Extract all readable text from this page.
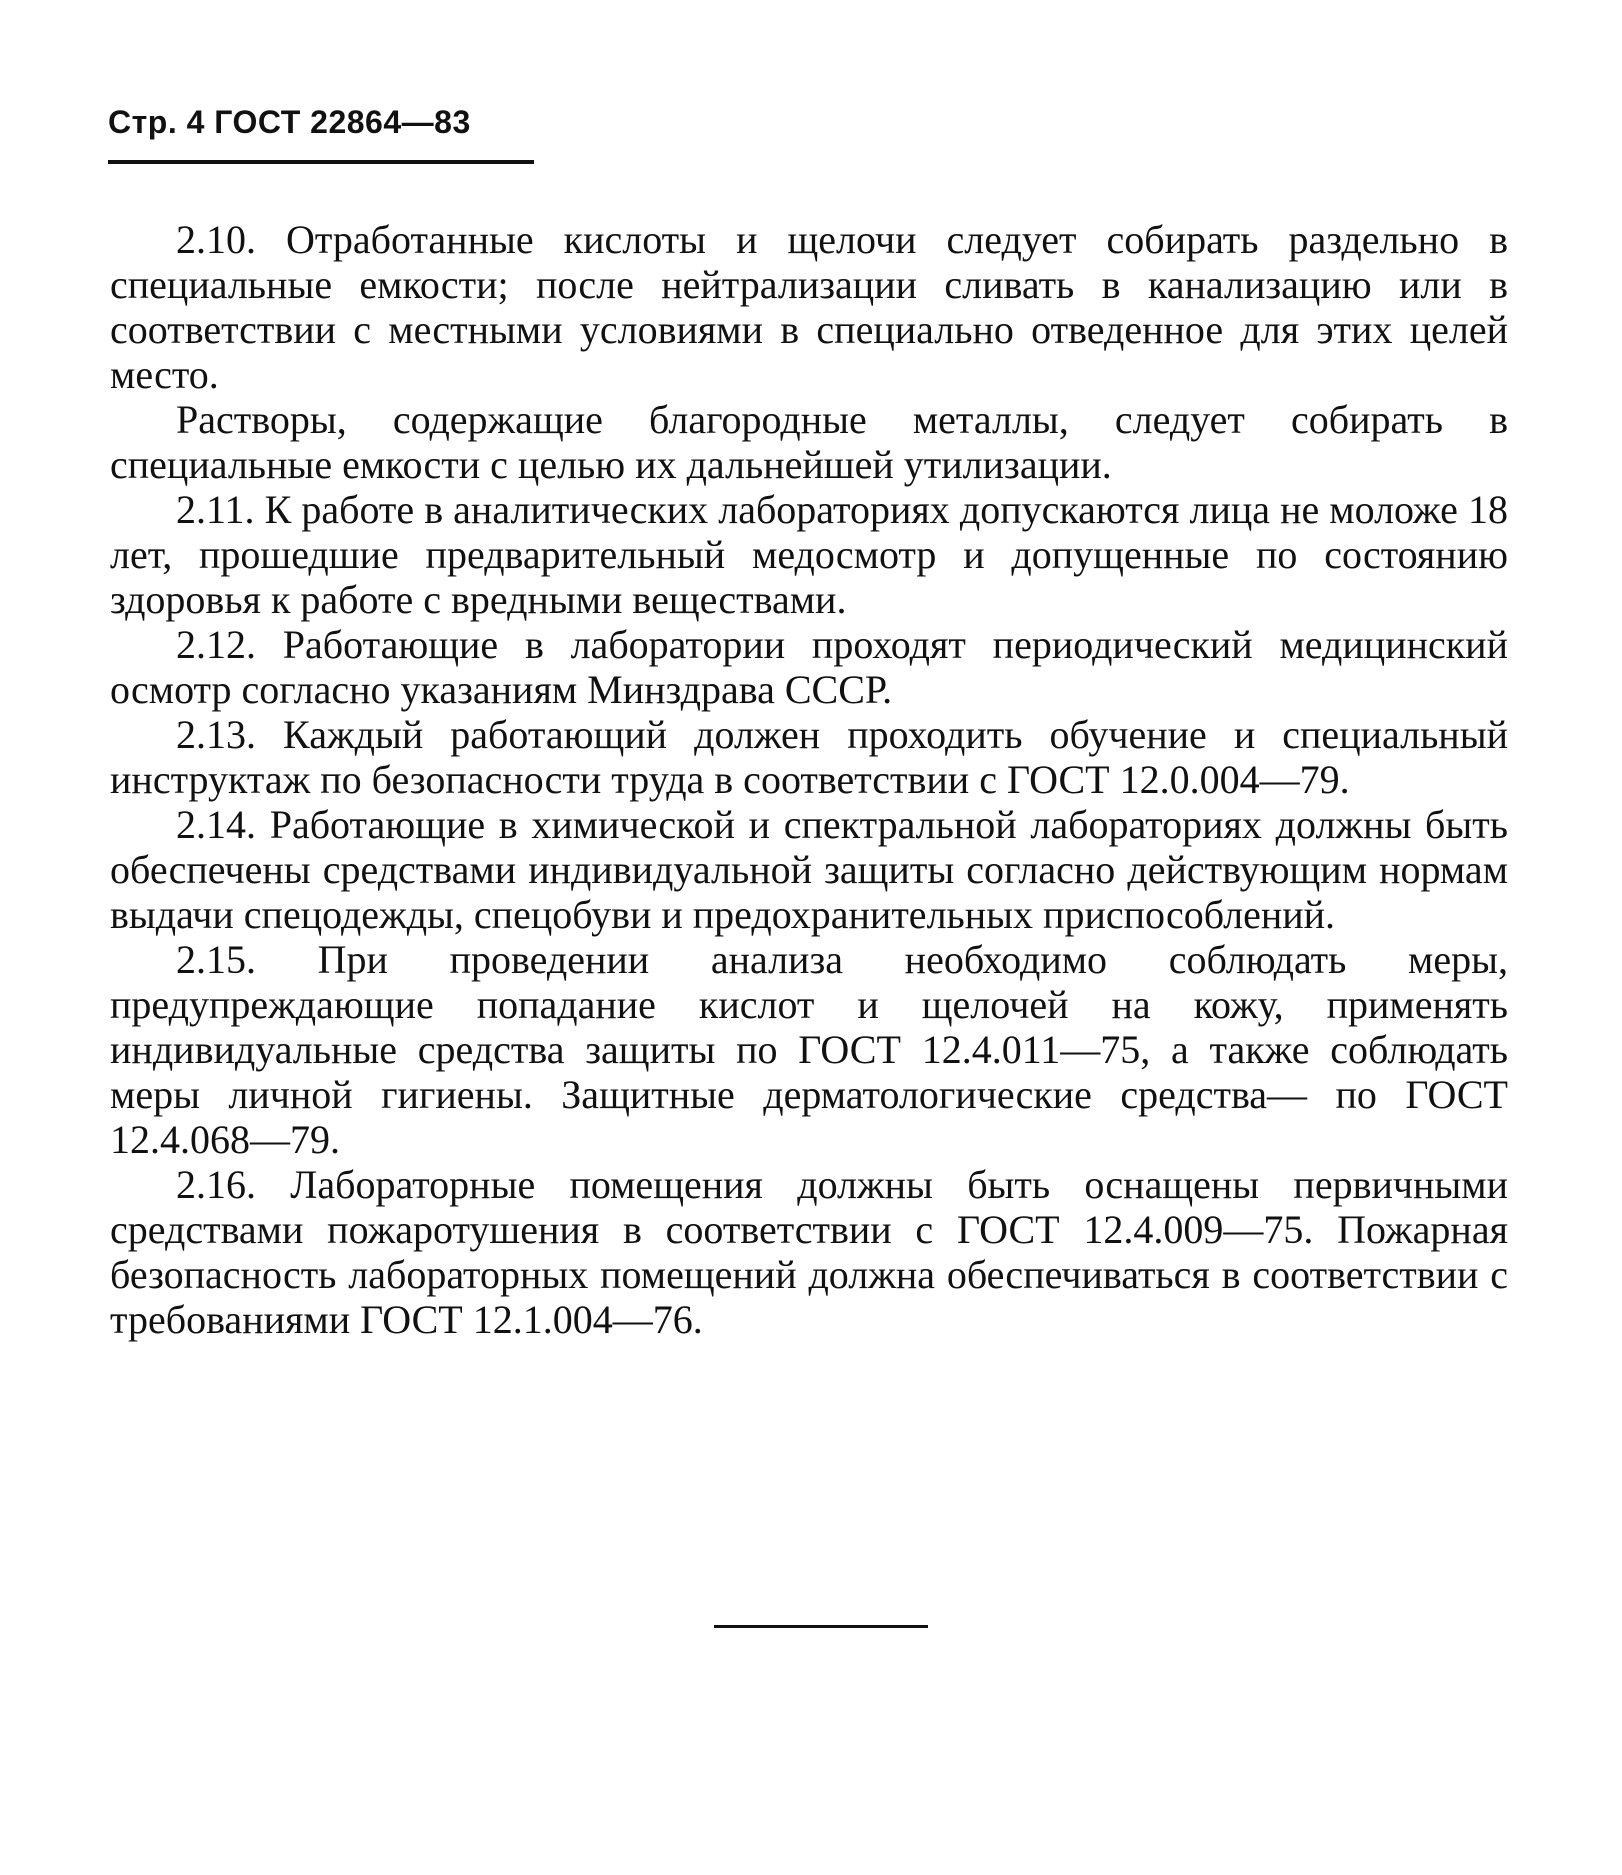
Стр. 4 ГОСТ 22864—83

2.10. Отработанные кислоты и щелочи следует собирать раздельно в специальные емкости; после нейтрализации сливать в канализацию или в соответствии с местными условиями в специально отведенное для этих целей место.

Растворы, содержащие благородные металлы, следует собирать в специальные емкости с целью их дальнейшей утилизации.

2.11. К работе в аналитических лабораториях допускаются лица не моложе 18 лет, прошедшие предварительный медосмотр и допущенные по состоянию здоровья к работе с вредными веществами.

2.12. Работающие в лаборатории проходят периодический медицинский осмотр согласно указаниям Минздрава СССР.

2.13. Каждый работающий должен проходить обучение и специальный инструктаж по безопасности труда в соответствии с ГОСТ 12.0.004—79.

2.14. Работающие в химической и спектральной лабораториях должны быть обеспечены средствами индивидуальной защиты согласно действующим нормам выдачи спецодежды, спецобуви и предохранительных приспособлений.

2.15. При проведении анализа необходимо соблюдать меры, предупреждающие попадание кислот и щелочей на кожу, применять индивидуальные средства защиты по ГОСТ 12.4.011—75, а также соблюдать меры личной гигиены. Защитные дерматологические средства— по ГОСТ 12.4.068—79.

2.16. Лабораторные помещения должны быть оснащены первичными средствами пожаротушения в соответствии с ГОСТ 12.4.009—75. Пожарная безопасность лабораторных помещений должна обеспечиваться в соответствии с требованиями ГОСТ 12.1.004—76.
